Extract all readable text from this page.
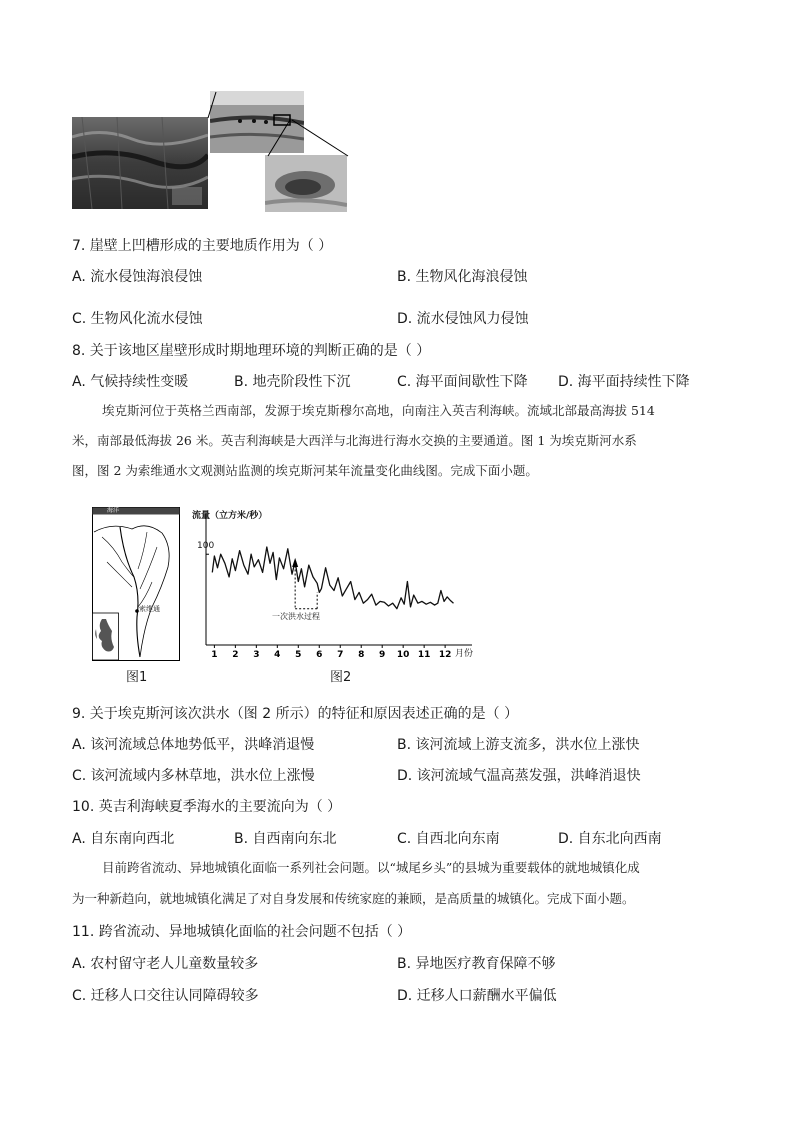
7. 崖壁上凹槽形成的主要地质作用为（ ）
A. 流水侵蚀海浪侵蚀	B. 生物风化海浪侵蚀
C. 生物风化流水侵蚀	D. 流水侵蚀风力侵蚀
8. 关于该地区崖壁形成时期地理环境的判断正确的是（ ）
A. 气候持续性变暖	B. 地壳阶段性下沉	C. 海平面间歇性下降 D. 海平面持续性下降
埃克斯河位于英格兰西南部，发源于埃克斯穆尔高地，向南注入英吉利海峡。流域北部最高海拔 514
米，南部最低海拔 26 米。英吉利海峡是大西洋与北海进行海水交换的主要通道。图 1 为埃克斯河水系
图，图 2 为索维通水文观测站监测的埃克斯河某年流量变化曲线图。完成下面小题。
海洋
索维通
图1
1 2 3 4 5 6 7 8 9 10 11 12
流量（立方米/秒）
100
一次洪水过程
月份
图2
9. 关于埃克斯河该次洪水（图 2 所示）的特征和原因表述正确的是（ ）
A. 该河流域总体地势低平，洪峰消退慢	B. 该河流域上游支流多，洪水位上涨快
C. 该河流域内多林草地，洪水位上涨慢	D. 该河流域气温高蒸发强，洪峰消退快
10. 英吉利海峡夏季海水的主要流向为（ ）
A. 自东南向西北	B. 自西南向东北	C. 自西北向东南	D. 自东北向西南
目前跨省流动、异地城镇化面临一系列社会问题。以“城尾乡头”的县城为重要载体的就地城镇化成
为一种新趋向，就地城镇化满足了对自身发展和传统家庭的兼顾，是高质量的城镇化。完成下面小题。
11. 跨省流动、异地城镇化面临的社会问题不包括（ ）
A. 农村留守老人儿童数量较多	B. 异地医疗教育保障不够
C. 迁移人口交往认同障碍较多	D. 迁移人口薪酬水平偏低
